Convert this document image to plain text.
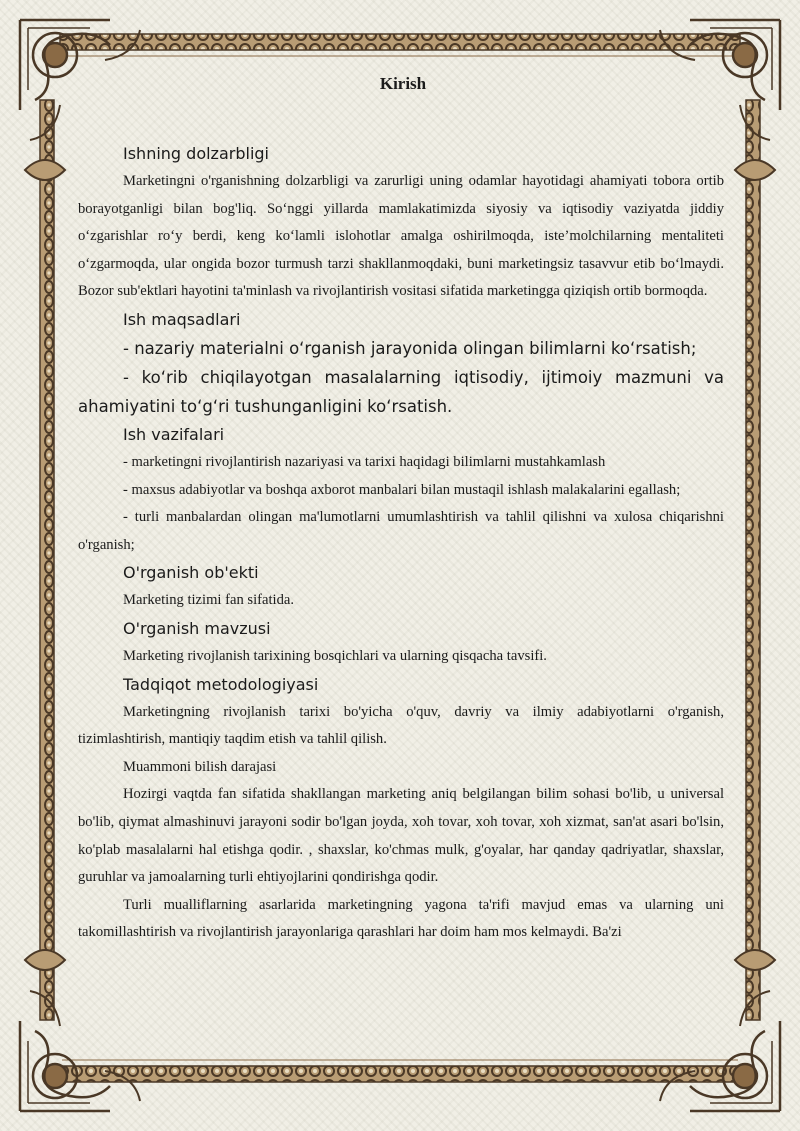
Kirish

Ishning dolzarbligi

Marketingni o'rganishning dolzarbligi va zarurligi uning odamlar hayotidagi ahamiyati tobora ortib borayotganligi bilan bog'liq. So‘nggi yillarda mamlakatimizda siyosiy va iqtisodiy vaziyatda jiddiy o‘zgarishlar ro‘y berdi, keng ko‘lamli islohotlar amalga oshirilmoqda, iste’molchilarning mentaliteti o‘zgarmoqda, ular ongida bozor turmush tarzi shakllanmoqdaki, buni marketingsiz tasavvur etib bo‘lmaydi. Bozor sub'ektlari hayotini ta'minlash va rivojlantirish vositasi sifatida marketingga qiziqish ortib bormoqda.

Ish maqsadlari

- nazariy materialni o‘rganish jarayonida olingan bilimlarni ko‘rsatish;

- ko‘rib chiqilayotgan masalalarning iqtisodiy, ijtimoiy mazmuni va ahamiyatini to‘g‘ri tushunganligini ko‘rsatish.

Ish vazifalari

- marketingni rivojlantirish nazariyasi va tarixi haqidagi bilimlarni mustahkamlash

- maxsus adabiyotlar va boshqa axborot manbalari bilan mustaqil ishlash malakalarini egallash;

- turli manbalardan olingan ma'lumotlarni umumlashtirish va tahlil qilishni va xulosa chiqarishni o'rganish;

O'rganish ob'ekti

Marketing tizimi fan sifatida.

O'rganish mavzusi

Marketing rivojlanish tarixining bosqichlari va ularning qisqacha tavsifi.

Tadqiqot metodologiyasi

Marketingning rivojlanish tarixi bo'yicha o'quv, davriy va ilmiy adabiyotlarni o'rganish, tizimlashtirish, mantiqiy taqdim etish va tahlil qilish.

Muammoni bilish darajasi

Hozirgi vaqtda fan sifatida shakllangan marketing aniq belgilangan bilim sohasi bo'lib, u universal bo'lib, qiymat almashinuvi jarayoni sodir bo'lgan joyda, xoh tovar, xoh tovar, xoh xizmat, san'at asari bo'lsin, ko'plab masalalarni hal etishga qodir. , shaxslar, ko'chmas mulk, g'oyalar, har qanday qadriyatlar, shaxslar, guruhlar va jamoalarning turli ehtiyojlarini qondirishga qodir.

Turli mualliflarning asarlarida marketingning yagona ta'rifi mavjud emas va ularning uni takomillashtirish va rivojlantirish jarayonlariga qarashlari har doim ham mos kelmaydi. Ba'zi
